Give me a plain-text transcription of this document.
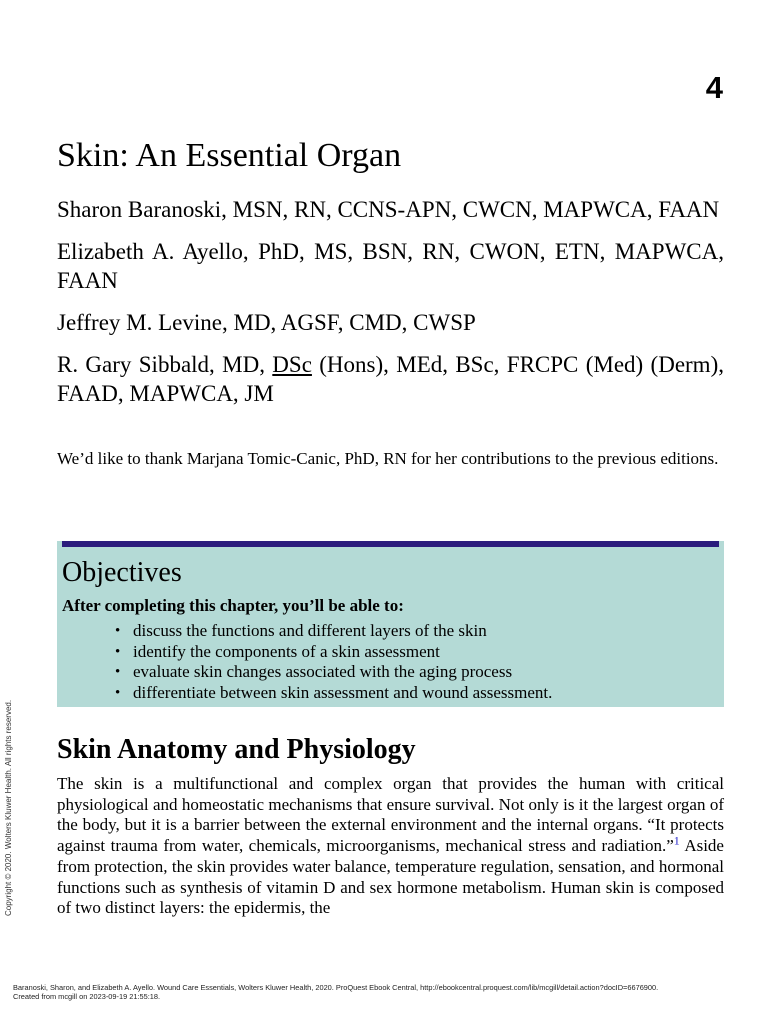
4
Skin: An Essential Organ

Sharon Baranoski, MSN, RN, CCNS-APN, CWCN, MAPWCA, FAAN

Elizabeth A. Ayello, PhD, MS, BSN, RN, CWON, ETN, MAPWCA, FAAN

Jeffrey M. Levine, MD, AGSF, CMD, CWSP

R. Gary Sibbald, MD, DSc (Hons), MEd, BSc, FRCPC (Med) (Derm), FAAD, MAPWCA, JM

We’d like to thank Marjana Tomic-Canic, PhD, RN for her contributions to the previous editions.

Objectives
After completing this chapter, you’ll be able to:
• discuss the functions and different layers of the skin
• identify the components of a skin assessment
• evaluate skin changes associated with the aging process
• differentiate between skin assessment and wound assessment.
Skin Anatomy and Physiology

The skin is a multifunctional and complex organ that provides the human with critical physiological and homeostatic mechanisms that ensure survival. Not only is it the largest organ of the body, but it is a barrier between the external environment and the internal organs. “It protects against trauma from water, chemicals, microorganisms, mechanical stress and radiation.”$^1$ Aside from protection, the skin provides water balance, temperature regulation, sensation, and hormonal functions such as synthesis of vitamin D and sex hormone metabolism. Human skin is composed of two distinct layers: the epidermis, the

Copyright © 2020. Wolters Kluwer Health. All rights reserved.
Baranoski, Sharon, and Elizabeth A. Ayello. Wound Care Essentials, Wolters Kluwer Health, 2020. ProQuest Ebook Central, http://ebookcentral.proquest.com/lib/mcgill/detail.action?docID=6676900.
Created from mcgill on 2023-09-19 21:55:18.
